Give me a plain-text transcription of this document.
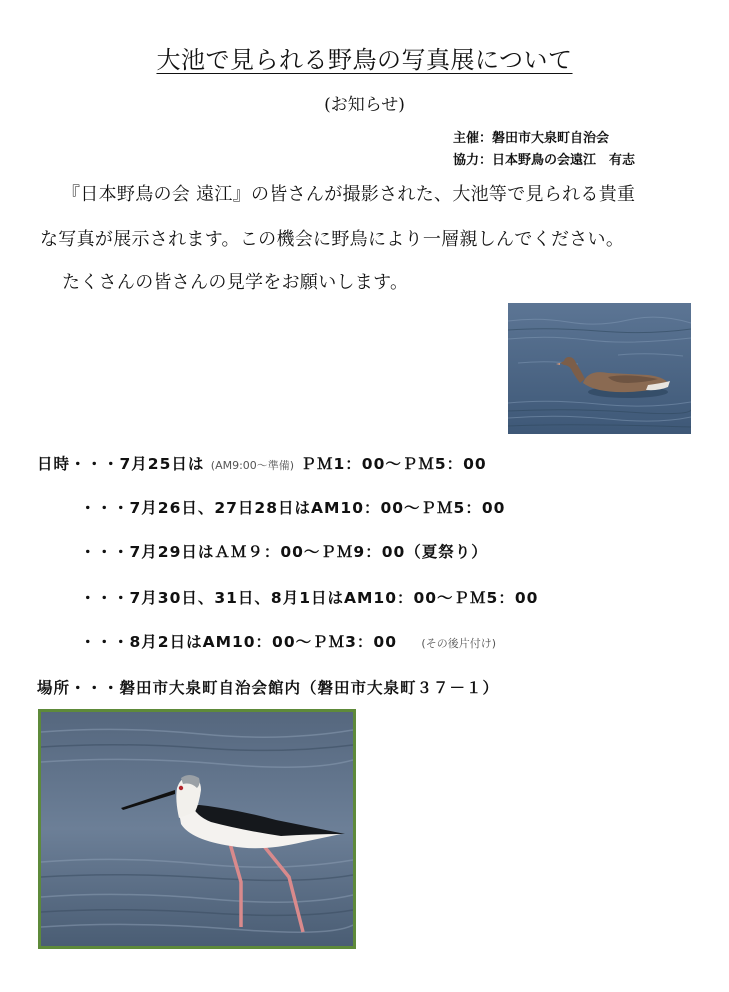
大池で見られる野鳥の写真展について
(お知らせ)
主催：磐田市大泉町自治会
協力：日本野鳥の会遠江　有志
『日本野鳥の会 遠江』の皆さんが撮影された、大池等で見られる貴重
な写真が展示されます。この機会に野鳥により一層親しんでください。
たくさんの皆さんの見学をお願いします。
日時・・・7月25日は (AM9:00～準備) ＰＭ1：00～ＰＭ5：00
・・・7月26日、27日28日はAM10：00～ＰＭ5：00
・・・7月29日はＡＭ９：00～ＰＭ9：00（夏祭り）
・・・7月30日、31日、8月1日はAM10：00～ＰＭ5：00
・・・8月2日はAM10：00～ＰＭ3：00 (その後片付け)
場所・・・磐田市大泉町自治会館内（磐田市大泉町３７－１）
